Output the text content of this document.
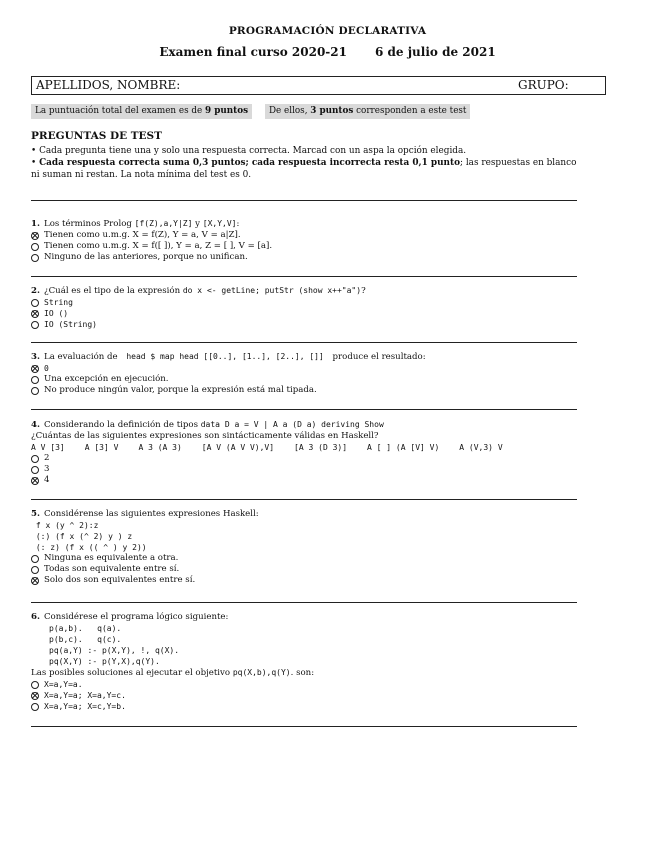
PROGRAMACIÓN DECLARATIVA
Examen final curso 2020-21 6 de julio de 2021
APELLIDOS, NOMBRE:	GRUPO:
La puntuación total del examen es de 9 puntos	De ellos, 3 puntos corresponden a este test
PREGUNTAS DE TEST
• Cada pregunta tiene una y solo una respuesta correcta. Marcad con un aspa la opción elegida.
• Cada respuesta correcta suma 0,3 puntos; cada respuesta incorrecta resta 0,1 punto; las respuestas en blanco
ni suman ni restan. La nota mínima del test es 0.
1. Los términos Prolog [f(Z),a,Y|Z] y [X,Y,V]:
Tienen como u.m.g. X = f(Z), Y = a, V = a|Z].
Tienen como u.m.g. X = f([ ]), Y = a, Z = [ ], V = [a].
Ninguno de las anteriores, porque no unifican.
2. ¿Cuál es el tipo de la expresión do x <- getLine; putStr (show x++"a")?
String
IO ()
IO (String)
3. La evaluación de head $ map head [[0..], [1..], [2..], []] produce el resultado:
0
Una excepción en ejecución.
No produce ningún valor, porque la expresión está mal tipada.
4. Considerando la definición de tipos data D a = V | A a (D a) deriving Show
¿Cuántas de las siguientes expresiones son sintácticamente válidas en Haskell?
A V [3]	A [3] V	A 3 (A 3)	[A V (A V V),V]	[A 3 (D 3)]	A [ ] (A [V] V)	A (V,3) V
2
3
4
5. Considérense las siguientes expresiones Haskell:
f x (y ^ 2):z
(:) (f x (^ 2) y ) z
(: z) (f x (( ^ ) y 2))
Ninguna es equivalente a otra.
Todas son equivalente entre sí.
Solo dos son equivalentes entre sí.
6. Considérese el programa lógico siguiente:
p(a,b).   q(a).
p(b,c).   q(c).
pq(a,Y) :- p(X,Y), !, q(X).
pq(X,Y) :- p(Y,X),q(Y).
Las posibles soluciones al ejecutar el objetivo pq(X,b),q(Y). son:
X=a,Y=a.
X=a,Y=a; X=a,Y=c.
X=a,Y=a; X=c,Y=b.
